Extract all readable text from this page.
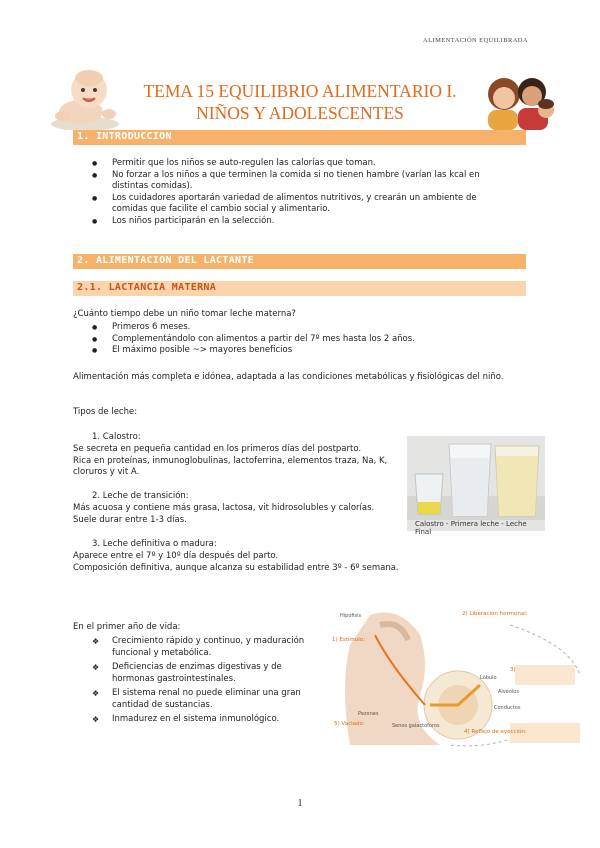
ALIMENTACIÓN EQUILIBRADA
TEMA 15 EQUILIBRIO ALIMENTARIO I.
NIÑOS Y ADOLESCENTES
1. INTRODUCCION
● Permitir que los niños se auto-regulen las calorías que toman.
● No forzar a los niños a que terminen la comida si no tienen hambre (varían las kcal en distintas comidas).
● Los cuidadores aportarán variedad de alimentos nutritivos, y crearán un ambiente de comidas que facilite el cambio social y alimentario.
● Los niños participarán en la selección.
2. ALIMENTACION DEL LACTANTE
2.1. LACTANCIA MATERNA
¿Cuánto tiempo debe un niño tomar leche materna?
● Primeros 6 meses.
● Complementándolo con alimentos a partir del 7º mes hasta los 2 años.
● El máximo posible ~> mayores beneficios
Alimentación más completa e idónea, adaptada a las condiciones metabólicas y fisiológicas del niño.
Tipos de leche:
1. Calostro:
Se secreta en pequeña cantidad en los primeros días del postparto.
Rica en proteínas, inmunoglobulinas, lactoferrina, elementos traza, Na, K,
cloruros y vit A.
2. Leche de transición:
Más acuosa y contiene más grasa, lactosa, vit hidrosolubles y calorías.
Suele durar entre 1-3 días.
3. Leche definitiva o madura:
Aparece entre el 7º y 10º día después del parto.
Composición definitiva, aunque alcanza su estabilidad entre 3º - 6º semana.
Calostro - Primera leche - Leche Final
En el primer año de vida:
❖ Crecimiento rápido y continuo, y maduración funcional y metabólica.
❖ Deficiencias de enzimas digestivas y de hormonas gastrointestinales.
❖ El sistema renal no puede eliminar una gran cantidad de sustancias.
❖ Inmadurez en el sistema inmunológico.
Hipófisis
1) Estímulo:
2) Liberación hormonal:
3)
Lóbulo
Alvéolos
Conductos
Pezones
Senos galactóforos
5) Vaciado:
4) Reflejo de eyección:
1
